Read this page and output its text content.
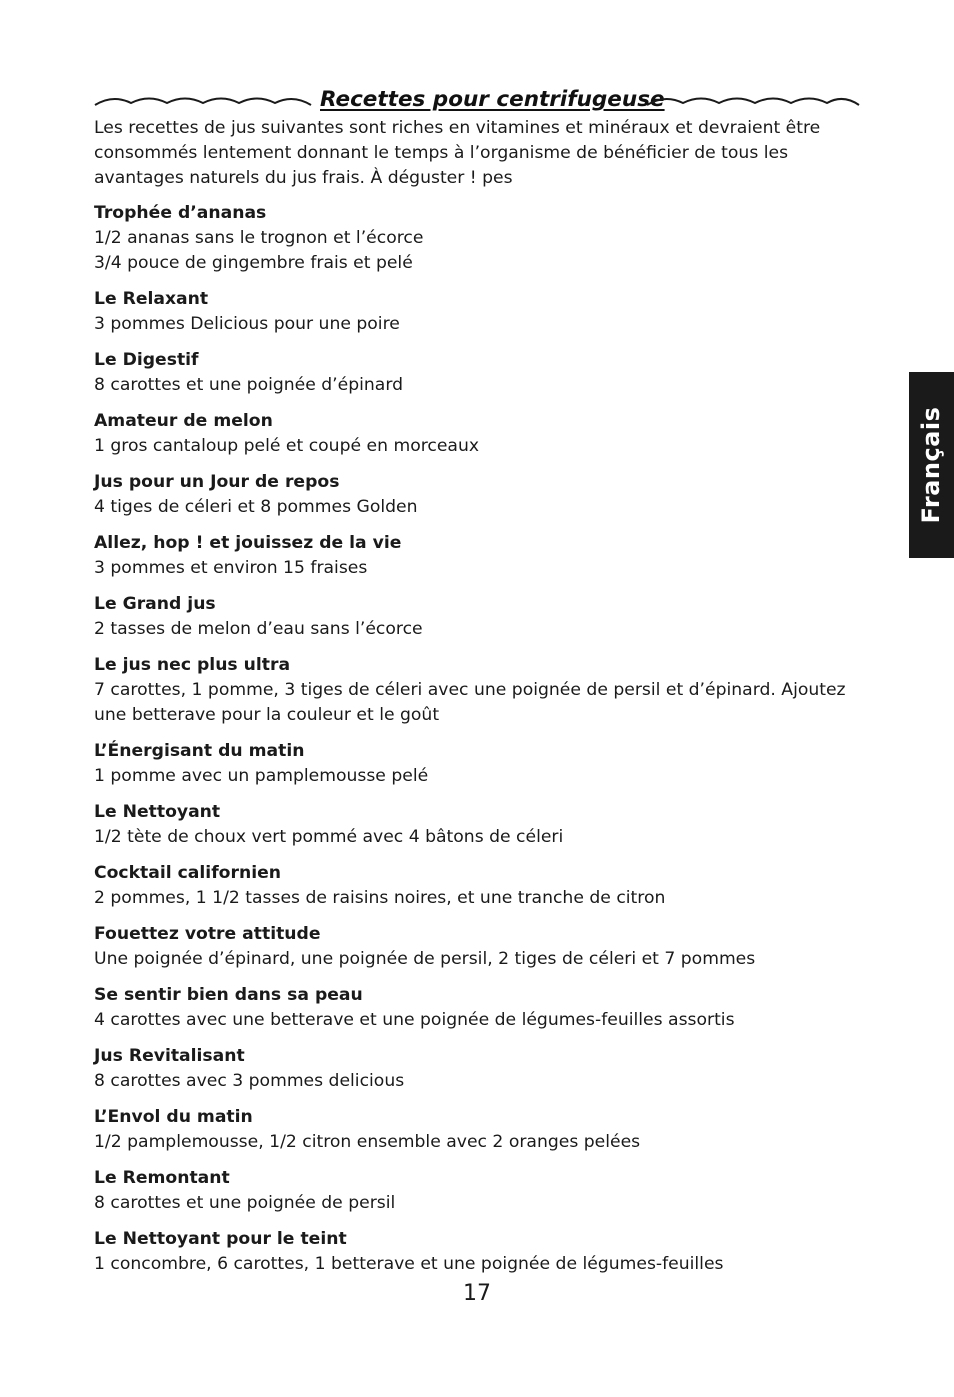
Recettes pour centrifugeuse

Les recettes de jus suivantes sont riches en vitamines et minéraux et devraient être consommés lentement donnant le temps à l’organisme de bénéficier de tous les avantages naturels du jus frais. À déguster ! pes

Trophée d’ananas

1/2 ananas sans le trognon et l’écorce

3/4 pouce de gingembre frais et pelé

Le Relaxant

3 pommes Delicious pour une poire

Le Digestif

8 carottes et une poignée d’épinard

Amateur de melon

1 gros cantaloup pelé et coupé en morceaux

Jus pour un Jour de repos

4 tiges de céleri et 8 pommes Golden

Allez, hop ! et jouissez de la vie

3 pommes et environ 15 fraises

Le Grand jus

2 tasses de melon d’eau sans l’écorce

Le jus nec plus ultra

7 carottes, 1 pomme, 3 tiges de céleri avec une poignée de persil et d’épinard. Ajoutez une betterave pour la couleur et le goût

L’Énergisant du matin

1 pomme avec un pamplemousse pelé

Le Nettoyant

1/2 tète de choux vert pommé avec 4 bâtons de céleri

Cocktail californien

2 pommes, 1 1/2 tasses de raisins noires, et une tranche de citron

Fouettez votre attitude

Une poignée d’épinard, une poignée de persil, 2 tiges de céleri et 7 pommes

Se sentir bien dans sa peau

4 carottes avec une betterave et une poignée de légumes-feuilles assortis

Jus Revitalisant

8 carottes avec 3 pommes delicious

L’Envol du matin

1/2 pamplemousse, 1/2 citron ensemble avec 2 oranges pelées

Le Remontant

8 carottes et une poignée de persil

Le Nettoyant pour le teint

1 concombre, 6 carottes, 1 betterave et une poignée de légumes-feuilles

17
Français
